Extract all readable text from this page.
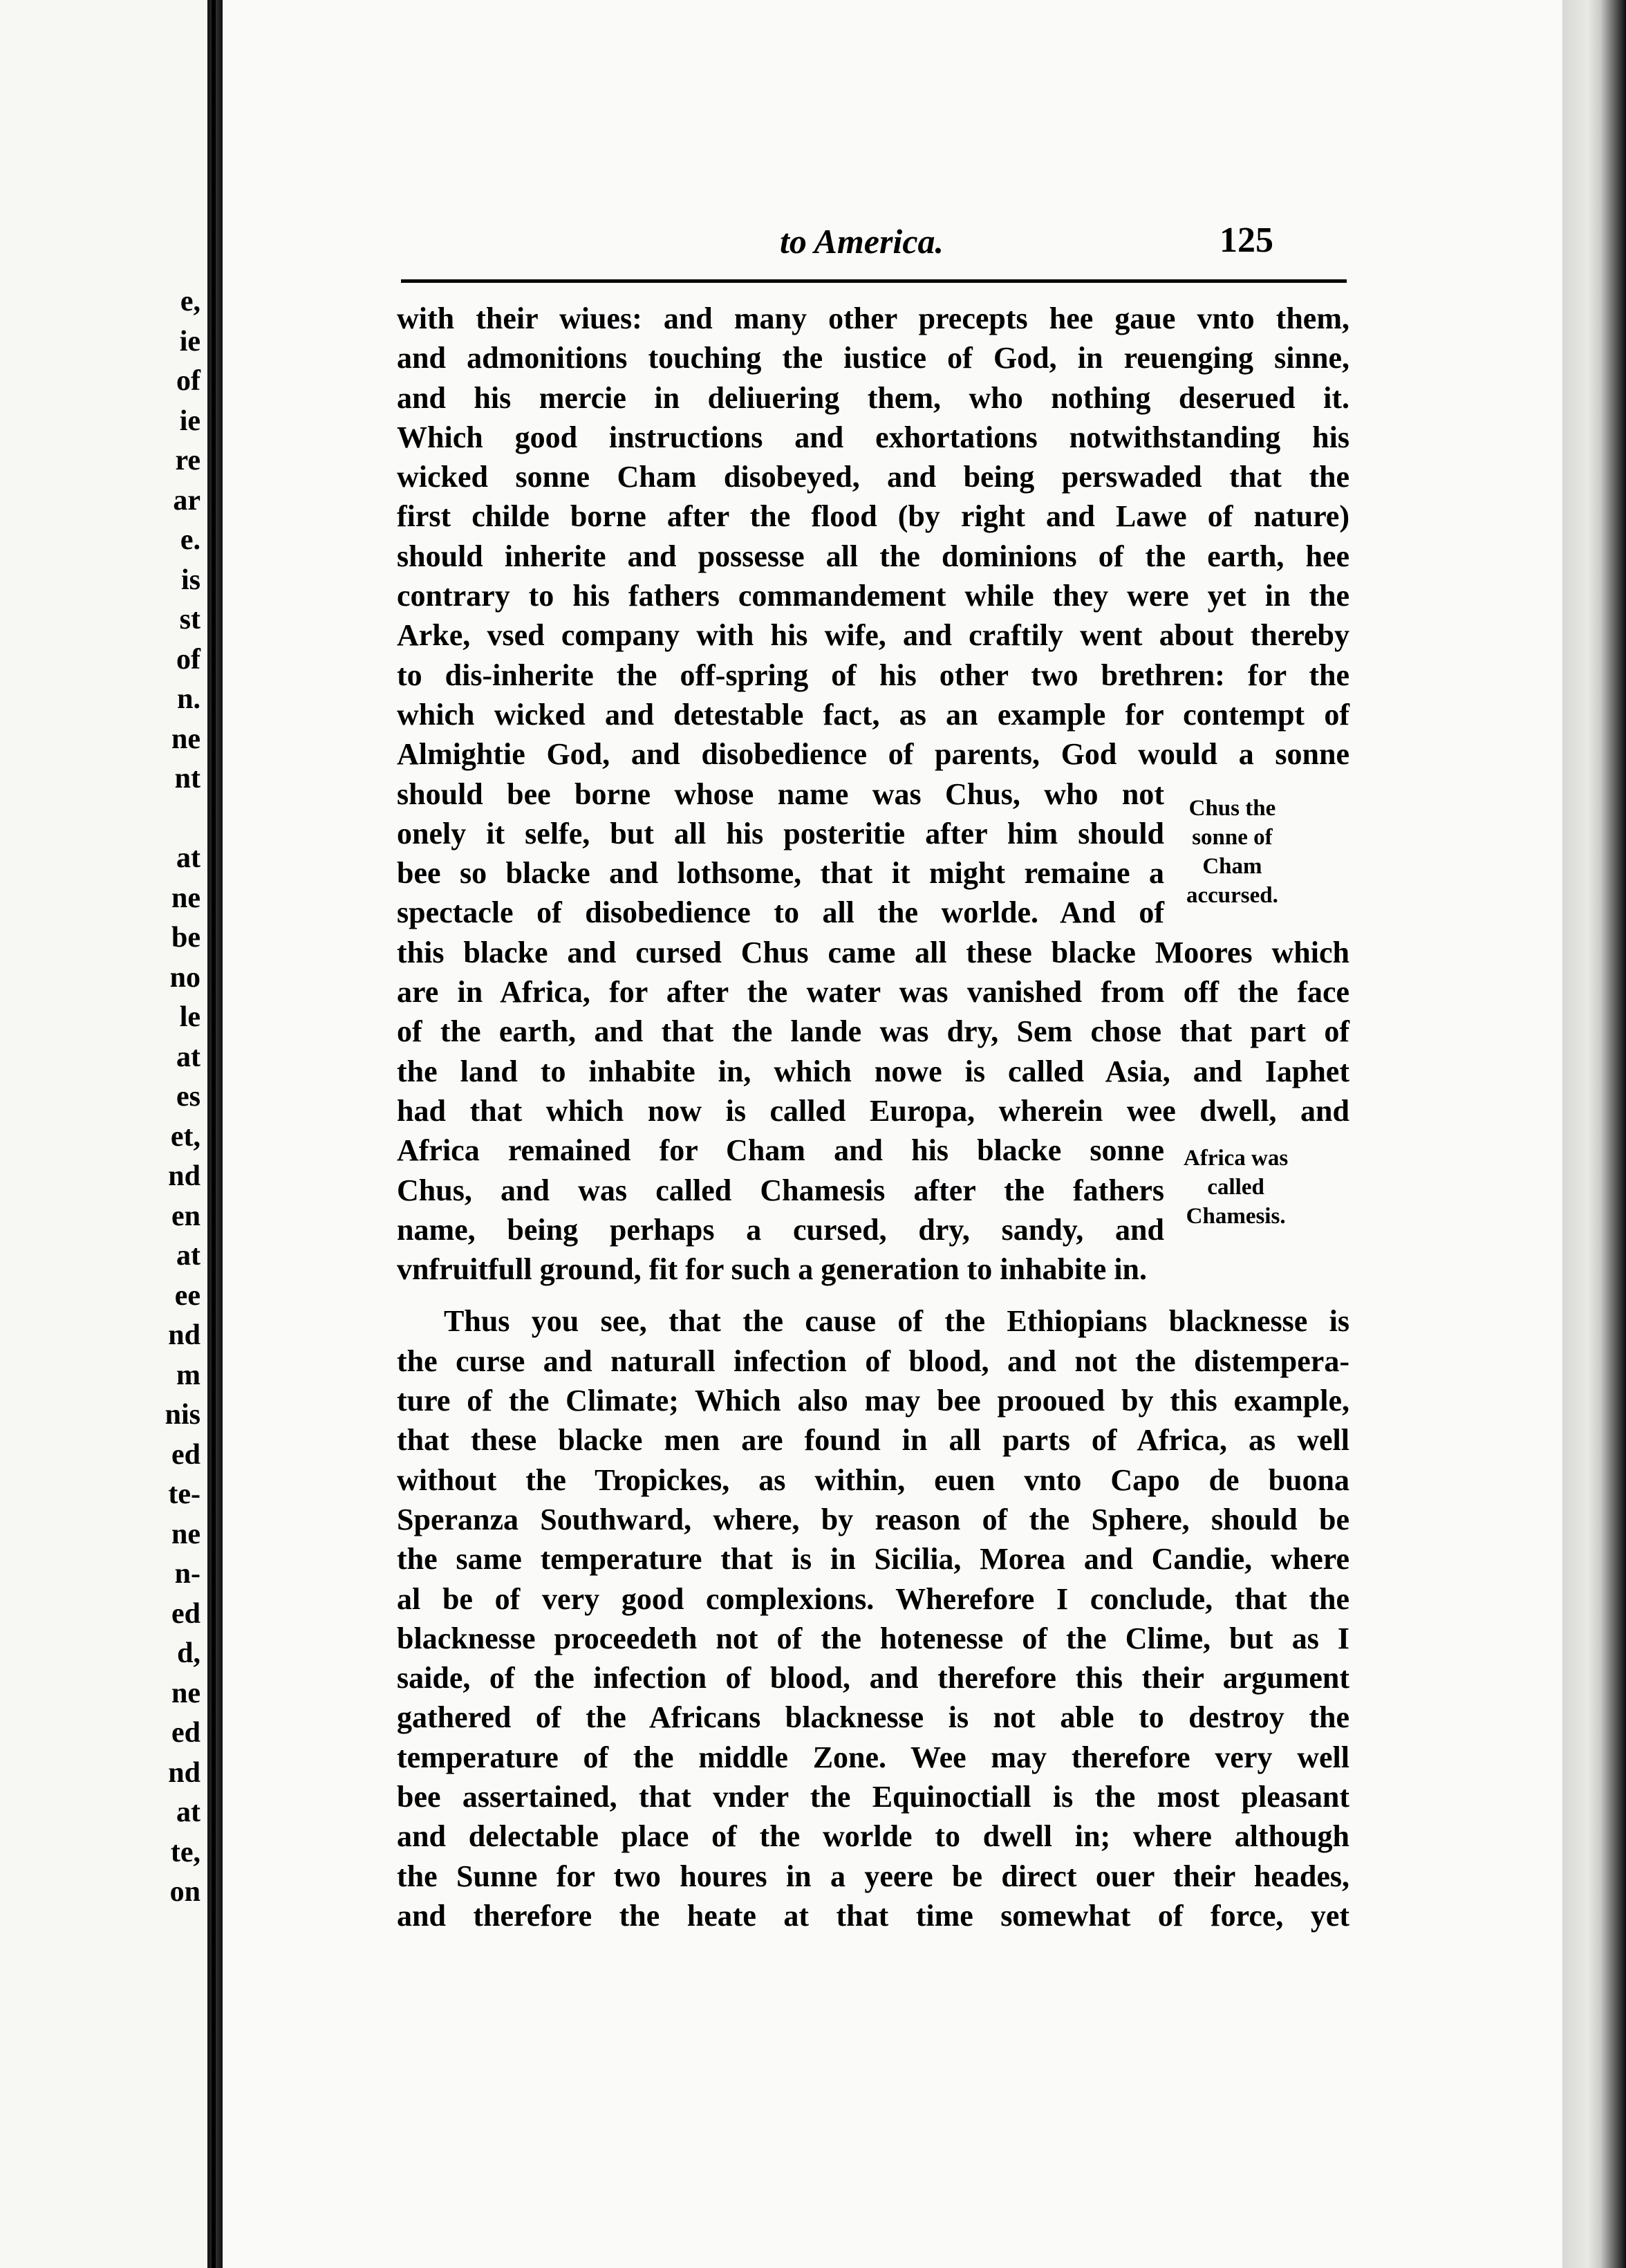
e,
ie
of
ie
re
ar
e.
is
st
of
n.
ne
nt
at
ne
be
no
le
at
es
et,
nd
en
at
ee
nd
m
nis
ed
te-
ne
n-
ed
d,
ne
ed
nd
at
te,
on
to America.	125
with their wiues: and many other precepts hee gaue vnto them,
and admonitions touching the iustice of God, in reuenging sinne,
and his mercie in deliuering them, who nothing deserued it.
Which good instructions and exhortations notwithstanding his
wicked sonne Cham disobeyed, and being perswaded that the
first childe borne after the flood (by right and Lawe of nature)
should inherite and possesse all the dominions of the earth, hee
contrary to his fathers commandement while they were yet in the
Arke, vsed company with his wife, and craftily went about thereby
to dis-inherite the off-spring of his other two brethren: for the
which wicked and detestable fact, as an example for contempt of
Almightie God, and disobedience of parents, God would a sonne
should bee borne whose name was Chus, who not
onely it selfe, but all his posteritie after him should
bee so blacke and lothsome, that it might remaine a
spectacle of disobedience to all the worlde. And of
this blacke and cursed Chus came all these blacke Moores which
are in Africa, for after the water was vanished from off the face
of the earth, and that the lande was dry, Sem chose that part of
the land to inhabite in, which nowe is called Asia, and Iaphet
had that which now is called Europa, wherein wee dwell, and
Africa remained for Cham and his blacke sonne
Chus, and was called Chamesis after the fathers
name, being perhaps a cursed, dry, sandy, and
vnfruitfull ground, fit for such a generation to inhabite in.
Thus you see, that the cause of the Ethiopians blacknesse is
the curse and naturall infection of blood, and not the distempera-
ture of the Climate; Which also may bee prooued by this example,
that these blacke men are found in all parts of Africa, as well
without the Tropickes, as within, euen vnto Capo de buona
Speranza Southward, where, by reason of the Sphere, should be
the same temperature that is in Sicilia, Morea and Candie, where
al be of very good complexions. Wherefore I conclude, that the
blacknesse proceedeth not of the hotenesse of the Clime, but as I
saide, of the infection of blood, and therefore this their argument
gathered of the Africans blacknesse is not able to destroy the
temperature of the middle Zone. Wee may therefore very well
bee assertained, that vnder the Equinoctiall is the most pleasant
and delectable place of the worlde to dwell in; where although
the Sunne for two houres in a yeere be direct ouer their heades,
and therefore the heate at that time somewhat of force, yet
Chus the
sonne of
Cham
accursed.
Africa was
called
Chamesis.
